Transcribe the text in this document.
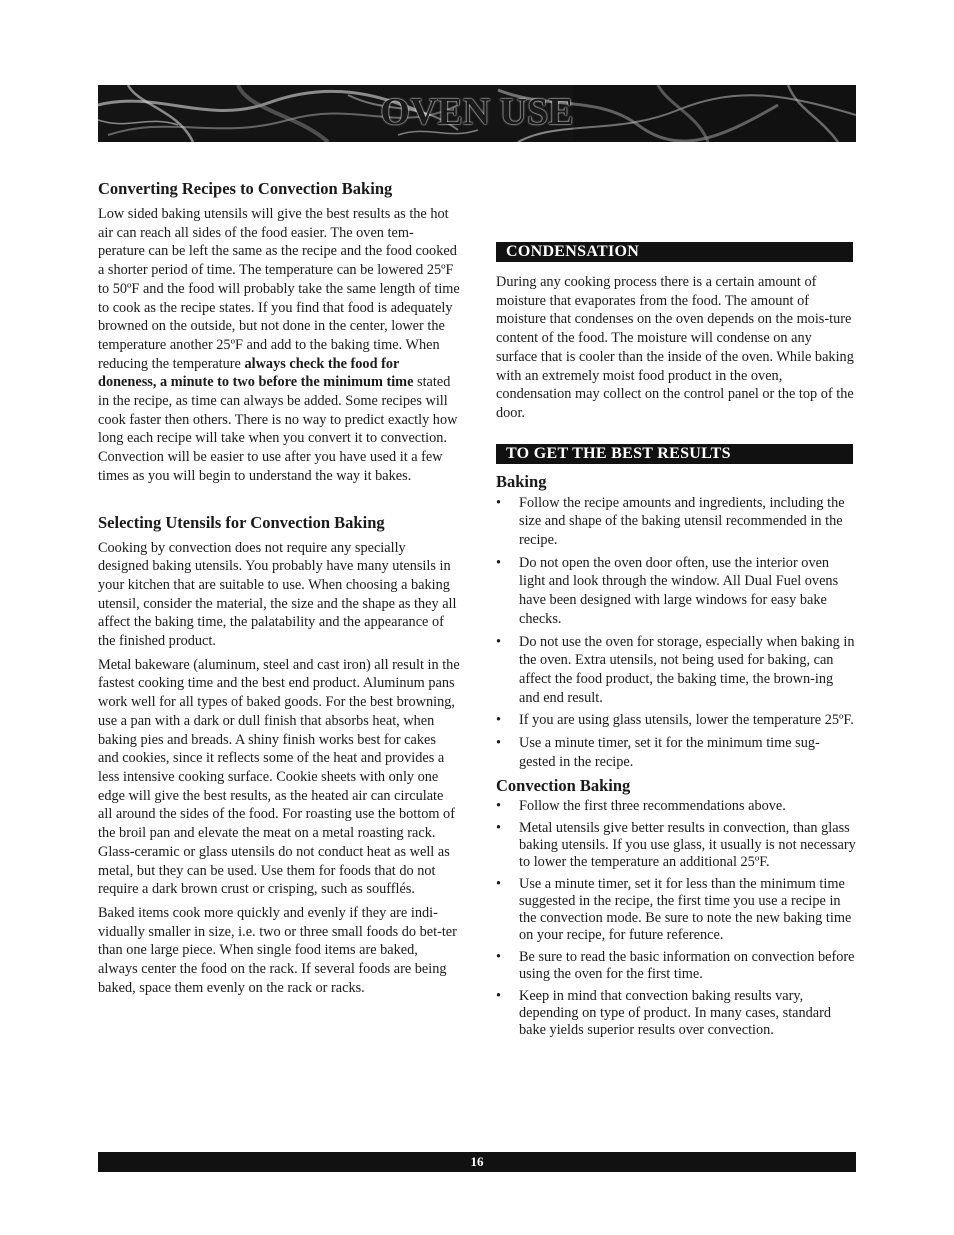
OVEN USE
Converting Recipes to Convection Baking

Low sided baking utensils will give the best results as the hot air can reach all sides of the food easier. The oven tem-perature can be left the same as the recipe and the food cooked a shorter period of time. The temperature can be lowered 25ºF to 50ºF and the food will probably take the same length of time to cook as the recipe states. If you find that food is adequately browned on the outside, but not done in the center, lower the temperature another 25ºF and add to the baking time. When reducing the temperature always check the food for doneness, a minute to two before the minimum time stated in the recipe, as time can always be added. Some recipes will cook faster then others. There is no way to predict exactly how long each recipe will take when you convert it to convection. Convection will be easier to use after you have used it a few times as you will begin to understand the way it bakes.

Selecting Utensils for Convection Baking

Cooking by convection does not require any specially designed baking utensils. You probably have many utensils in your kitchen that are suitable to use. When choosing a baking utensil, consider the material, the size and the shape as they all affect the baking time, the palatability and the appearance of the finished product.

Metal bakeware (aluminum, steel and cast iron) all result in the fastest cooking time and the best end product. Aluminum pans work well for all types of baked goods. For the best browning, use a pan with a dark or dull finish that absorbs heat, when baking pies and breads. A shiny finish works best for cakes and cookies, since it reflects some of the heat and provides a less intensive cooking surface. Cookie sheets with only one edge will give the best results, as the heated air can circulate all around the sides of the food. For roasting use the bottom of the broil pan and elevate the meat on a metal roasting rack. Glass-ceramic or glass utensils do not conduct heat as well as metal, but they can be used. Use them for foods that do not require a dark brown crust or crisping, such as soufflés.

Baked items cook more quickly and evenly if they are indi-vidually smaller in size, i.e. two or three small foods do bet-ter than one large piece. When single food items are baked, always center the food on the rack. If several foods are being baked, space them evenly on the rack or racks.

CONDENSATION

During any cooking process there is a certain amount of moisture that evaporates from the food. The amount of moisture that condenses on the oven depends on the mois-ture content of the food. The moisture will condense on any surface that is cooler than the inside of the oven. While baking with an extremely moist food product in the oven, condensation may collect on the control panel or the top of the door.

TO GET THE BEST RESULTS
Baking
• Follow the recipe amounts and ingredients, including the size and shape of the baking utensil recommended in the recipe.
• Do not open the oven door often, use the interior oven light and look through the window. All Dual Fuel ovens have been designed with large windows for easy bake checks.
• Do not use the oven for storage, especially when baking in the oven. Extra utensils, not being used for baking, can affect the food product, the baking time, the brown-ing and end result.
• If you are using glass utensils, lower the temperature 25ºF.
• Use a minute timer, set it for the minimum time sug-gested in the recipe.
Convection Baking
• Follow the first three recommendations above.
• Metal utensils give better results in convection, than glass baking utensils. If you use glass, it usually is not necessary to lower the temperature an additional 25ºF.
• Use a minute timer, set it for less than the minimum time suggested in the recipe, the first time you use a recipe in the convection mode. Be sure to note the new baking time on your recipe, for future reference.
• Be sure to read the basic information on convection before using the oven for the first time.
• Keep in mind that convection baking results vary, depending on type of product. In many cases, standard bake yields superior results over convection.
16
